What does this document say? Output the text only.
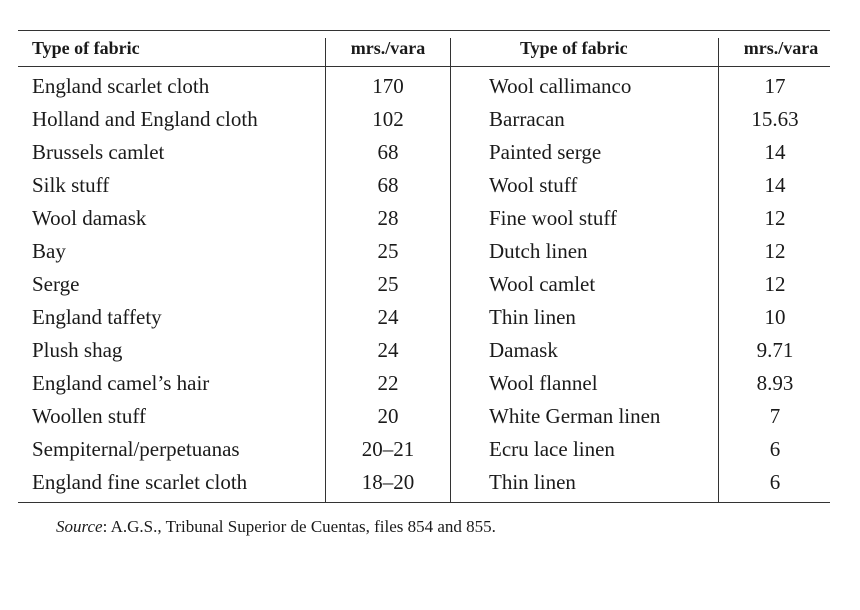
Type of fabric	mrs./vara	Type of fabric	mrs./vara
England scarlet cloth	170	Wool callimanco	17
Holland and England cloth	102	Barracan	15.63
Brussels camlet	68	Painted serge	14
Silk stuff	68	Wool stuff	14
Wool damask	28	Fine wool stuff	12
Bay	25	Dutch linen	12
Serge	25	Wool camlet	12
England taffety	24	Thin linen	10
Plush shag	24	Damask	9.71
England camel’s hair	22	Wool flannel	8.93
Woollen stuff	20	White German linen	7
Sempiternal/perpetuanas	20–21	Ecru lace linen	6
England fine scarlet cloth	18–20	Thin linen	6
Source: A.G.S., Tribunal Superior de Cuentas, files 854 and 855.
